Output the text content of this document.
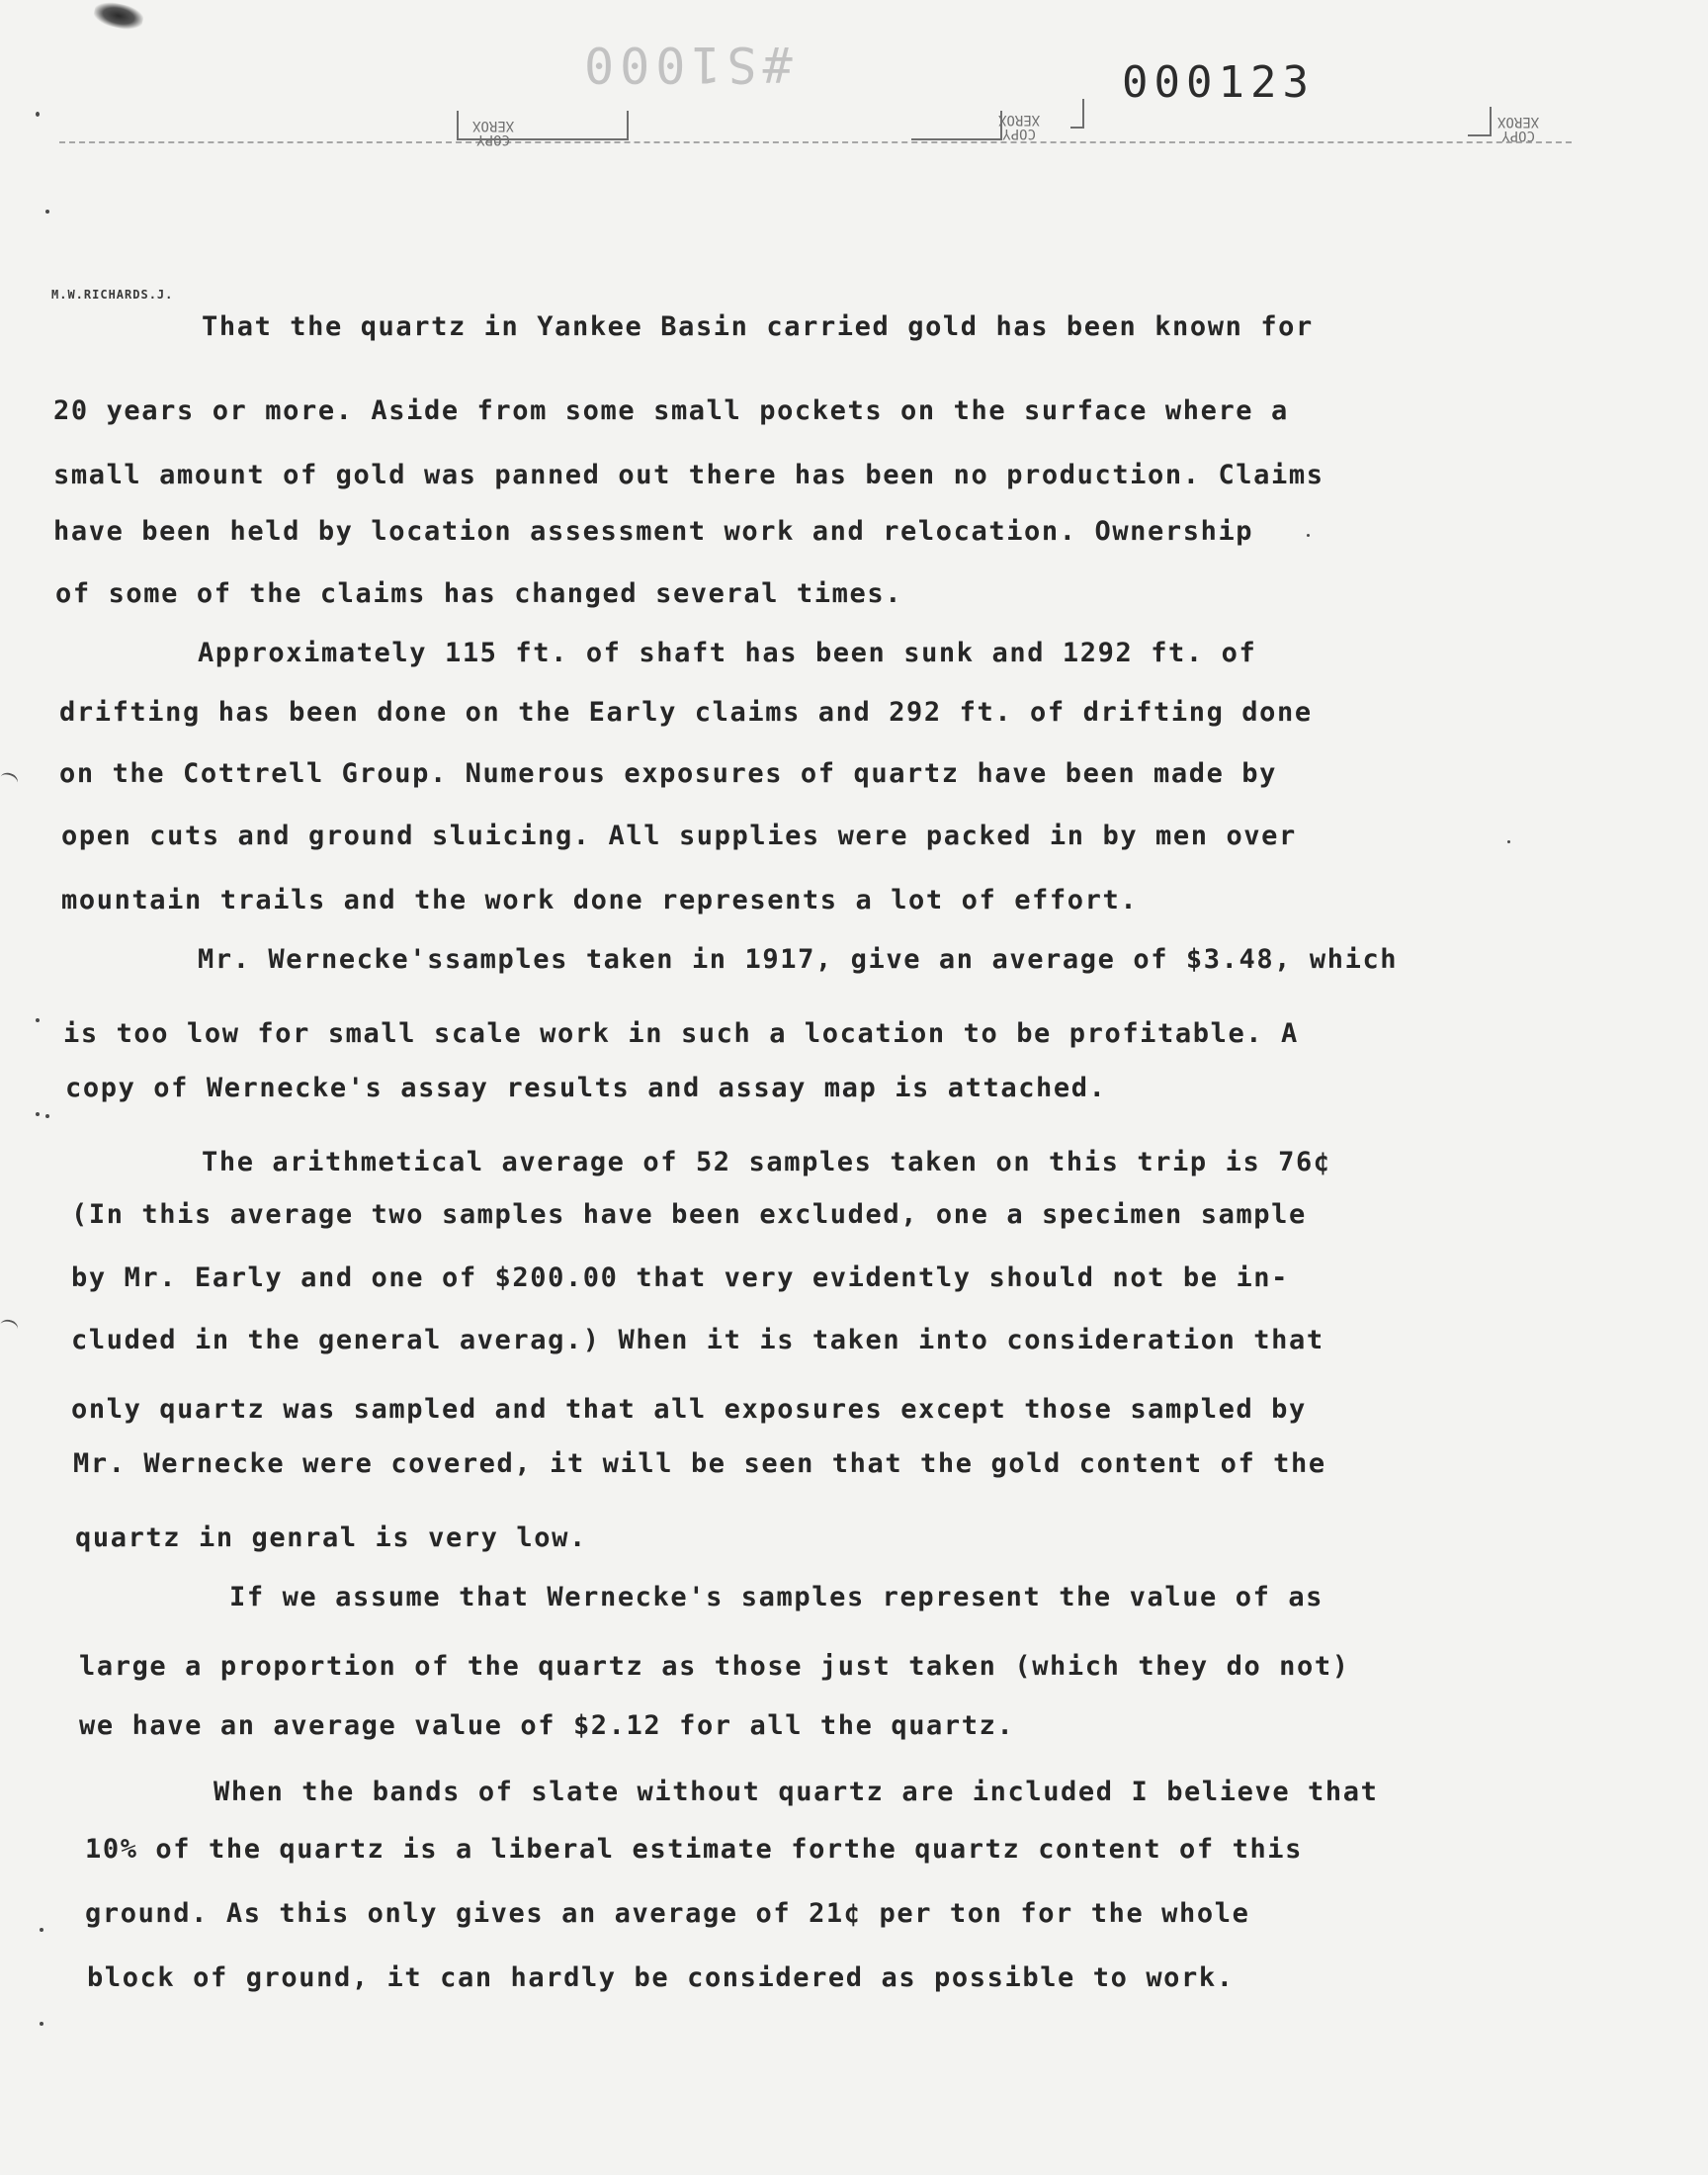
#S1000	000123
COPY
XEROX	COPY
XEROX
COPY
XEROX
M.W.RICHARDS.J.

That the quartz in Yankee Basin carried gold has been known for

20 years or more. Aside from some small pockets on the surface where a

small amount of gold was panned out there has been no production. Claims

have been held by location assessment work and relocation. Ownership

of some of the claims has changed several times.

Approximately 115 ft. of shaft has been sunk and 1292 ft. of

drifting has been done on the Early claims and 292 ft. of drifting done

on the Cottrell Group. Numerous exposures of quartz have been made by

open cuts and ground sluicing. All supplies were packed in by men over

mountain trails and the work done represents a lot of effort.

Mr. Wernecke'ssamples taken in 1917, give an average of $3.48, which

is too low for small scale work in such a location to be profitable. A

copy of Wernecke's assay results and assay map is attached.

The arithmetical average of 52 samples taken on this trip is 76¢

(In this average two samples have been excluded, one a specimen sample

by Mr. Early and one of $200.00 that very evidently should not be in-

cluded in the general averag.) When it is taken into consideration that

only quartz was sampled and that all exposures except those sampled by

Mr. Wernecke were covered, it will be seen that the gold content of the

quartz in genral is very low.

If we assume that Wernecke's samples represent the value of as

large a proportion of the quartz as those just taken (which they do not)

we have an average value of $2.12 for all the quartz.

When the bands of slate without quartz are included I believe that

10% of the quartz is a liberal estimate forthe quartz content of this

ground. As this only gives an average of 21¢ per ton for the whole

block of ground, it can hardly be considered as possible to work.
